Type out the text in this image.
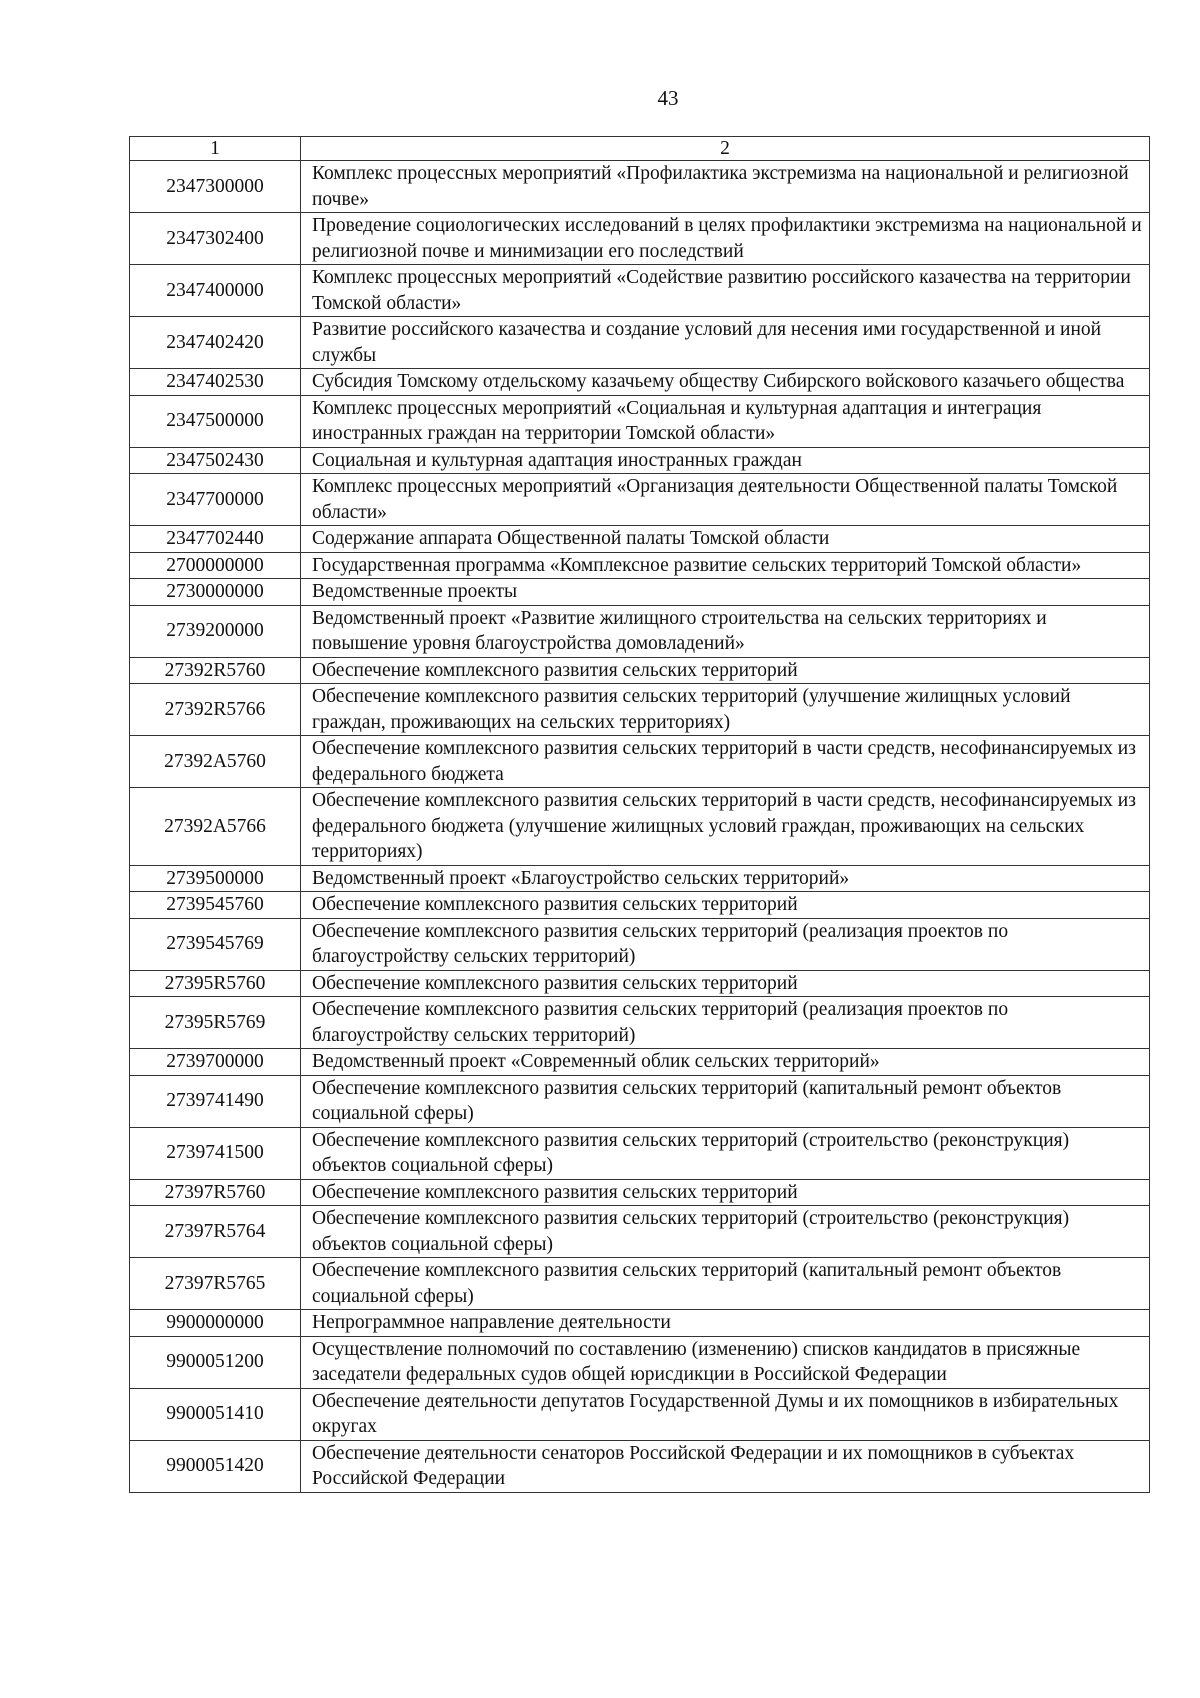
43
1	2
2347300000	Комплекс процессных мероприятий «Профилактика экстремизма на национальной и религиозной почве»
2347302400	Проведение социологических исследований в целях профилактики экстремизма на национальной и религиозной почве и минимизации его последствий
2347400000	Комплекс процессных мероприятий «Содействие развитию российского казачества на территории Томской области»
2347402420	Развитие российского казачества и создание условий для несения ими государственной и иной службы
2347402530	Субсидия Томскому отдельскому казачьему обществу Сибирского войскового казачьего общества
2347500000	Комплекс процессных мероприятий «Социальная и культурная адаптация и интеграция иностранных граждан на территории Томской области»
2347502430	Социальная и культурная адаптация иностранных граждан
2347700000	Комплекс процессных мероприятий «Организация деятельности Общественной палаты Томской области»
2347702440	Содержание аппарата Общественной палаты Томской области
2700000000	Государственная программа «Комплексное развитие сельских территорий Томской области»
2730000000	Ведомственные проекты
2739200000	Ведомственный проект «Развитие жилищного строительства на сельских территориях и повышение уровня благоустройства домовладений»
27392R5760	Обеспечение комплексного развития сельских территорий
27392R5766	Обеспечение комплексного развития сельских территорий (улучшение жилищных условий граждан, проживающих на сельских территориях)
27392A5760	Обеспечение комплексного развития сельских территорий в части средств, несофинансируемых из федерального бюджета
27392A5766	Обеспечение комплексного развития сельских территорий в части средств, несофинансируемых из федерального бюджета (улучшение жилищных условий граждан, проживающих на сельских территориях)
2739500000	Ведомственный проект «Благоустройство сельских территорий»
2739545760	Обеспечение комплексного развития сельских территорий
2739545769	Обеспечение комплексного развития сельских территорий (реализация проектов по благоустройству сельских территорий)
27395R5760	Обеспечение комплексного развития сельских территорий
27395R5769	Обеспечение комплексного развития сельских территорий (реализация проектов по благоустройству сельских территорий)
2739700000	Ведомственный проект «Современный облик сельских территорий»
2739741490	Обеспечение комплексного развития сельских территорий (капитальный ремонт объектов социальной сферы)
2739741500	Обеспечение комплексного развития сельских территорий (строительство (реконструкция) объектов социальной сферы)
27397R5760	Обеспечение комплексного развития сельских территорий
27397R5764	Обеспечение комплексного развития сельских территорий (строительство (реконструкция) объектов социальной сферы)
27397R5765	Обеспечение комплексного развития сельских территорий (капитальный ремонт объектов социальной сферы)
9900000000	Непрограммное направление деятельности
9900051200	Осуществление полномочий по составлению (изменению) списков кандидатов в присяжные заседатели федеральных судов общей юрисдикции в Российской Федерации
9900051410	Обеспечение деятельности депутатов Государственной Думы и их помощников в избирательных округах
9900051420	Обеспечение деятельности сенаторов Российской Федерации и их помощников в субъектах Российской Федерации
